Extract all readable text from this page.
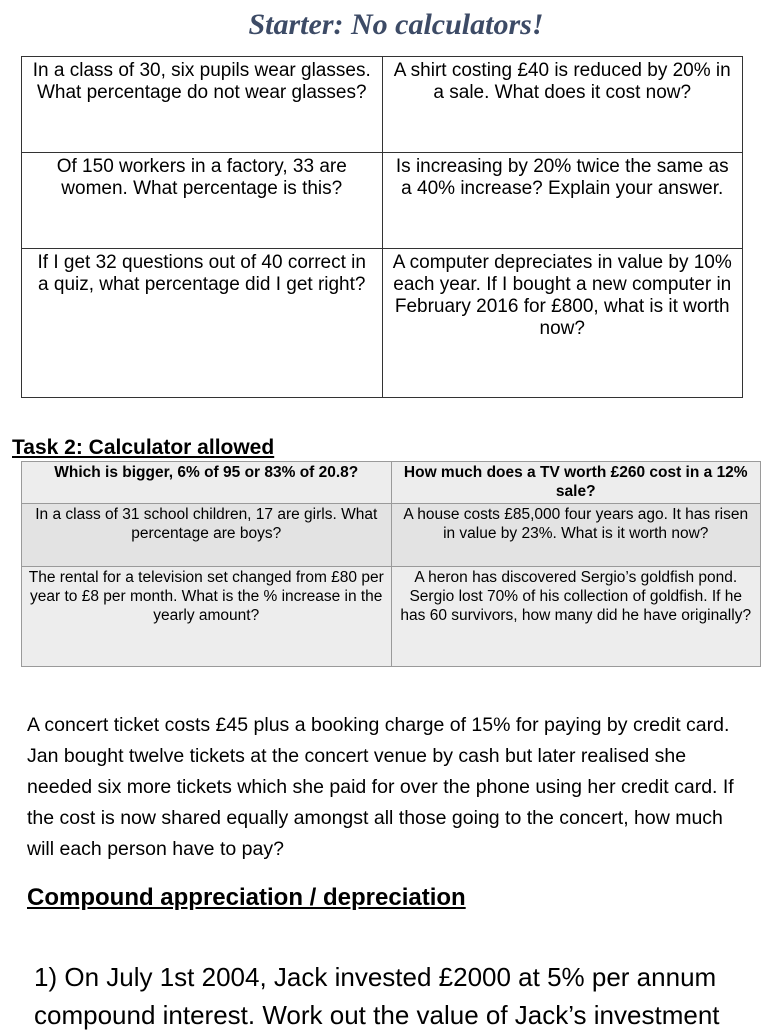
Starter: No calculators!
In a class of 30, six pupils wear glasses. What percentage do not wear glasses?	A shirt costing £40 is reduced by 20% in a sale. What does it cost now?
Of 150 workers in a factory, 33 are women. What percentage is this?	Is increasing by 20% twice the same as a 40% increase? Explain your answer.
If I get 32 questions out of 40 correct in a quiz, what percentage did I get right?	A computer depreciates in value by 10% each year. If I bought a new computer in February 2016 for £800, what is it worth now?
Task 2: Calculator allowed
Which is bigger, 6% of 95 or 83% of 20.8?	How much does a TV worth £260 cost in a 12% sale?
In a class of 31 school children, 17 are girls. What percentage are boys?	A house costs £85,000 four years ago. It has risen in value by 23%. What is it worth now?
The rental for a television set changed from £80 per year to £8 per month. What is the % increase in the yearly amount?	A heron has discovered Sergio’s goldfish pond. Sergio lost 70% of his collection of goldfish. If he has 60 survivors, how many did he have originally?
A concert ticket costs £45 plus a booking charge of 15% for paying by credit card. Jan bought twelve tickets at the concert venue by cash but later realised she needed six more tickets which she paid for over the phone using her credit card. If the cost is now shared equally amongst all those going to the concert, how much will each person have to pay?
Compound appreciation / depreciation
1) On July 1st 2004, Jack invested £2000 at 5% per annum compound interest. Work out the value of Jack’s investment
